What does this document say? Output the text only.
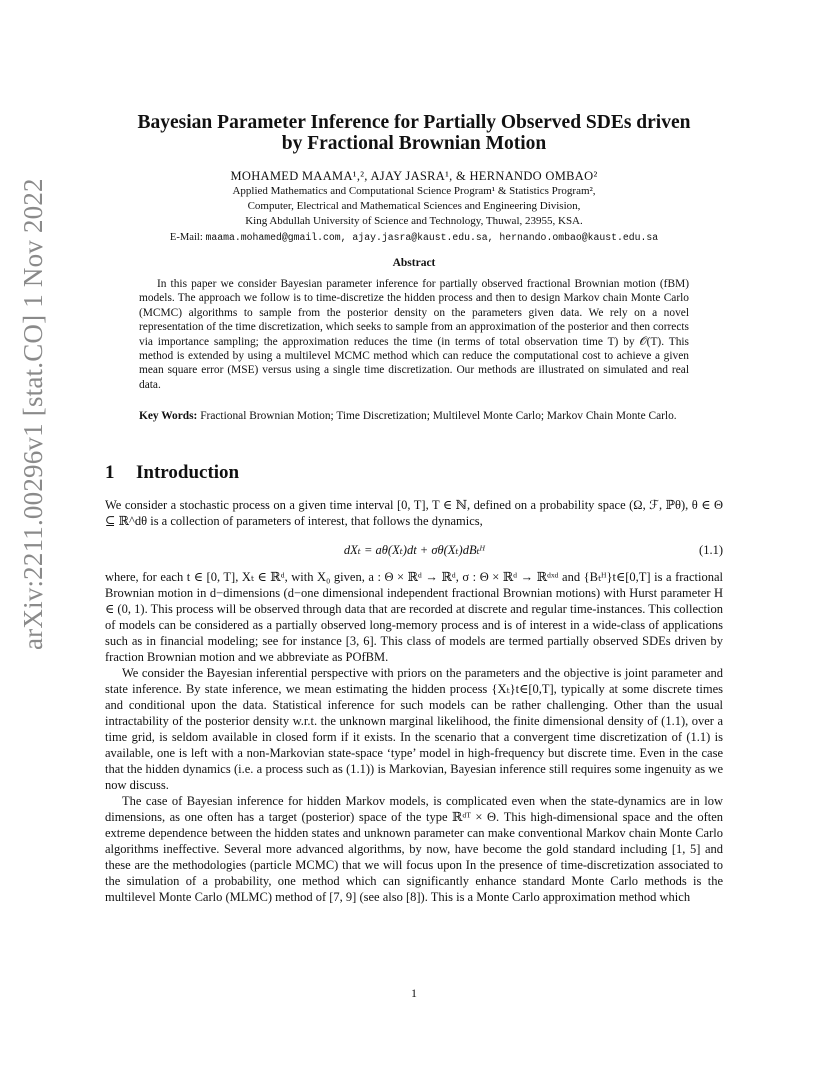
arXiv:2211.00296v1 [stat.CO] 1 Nov 2022
Bayesian Parameter Inference for Partially Observed SDEs driven
by Fractional Brownian Motion
MOHAMED MAAMA¹,², AJAY JASRA¹, & HERNANDO OMBAO²
Applied Mathematics and Computational Science Program¹ & Statistics Program²,
Computer, Electrical and Mathematical Sciences and Engineering Division,
King Abdullah University of Science and Technology, Thuwal, 23955, KSA.
E-Mail: maama.mohamed@gmail.com, ajay.jasra@kaust.edu.sa, hernando.ombao@kaust.edu.sa
Abstract
In this paper we consider Bayesian parameter inference for partially observed fractional Brownian motion (fBM) models. The approach we follow is to time-discretize the hidden process and then to design Markov chain Monte Carlo (MCMC) algorithms to sample from the posterior density on the parameters given data. We rely on a novel representation of the time discretization, which seeks to sample from an approximation of the posterior and then corrects via importance sampling; the approximation reduces the time (in terms of total observation time T) by 𝒪(T). This method is extended by using a multilevel MCMC method which can reduce the computational cost to achieve a given mean square error (MSE) versus using a single time discretization. Our methods are illustrated on simulated and real data.
Key Words: Fractional Brownian Motion; Time Discretization; Multilevel Monte Carlo; Markov Chain Monte Carlo.
1 Introduction

We consider a stochastic process on a given time interval [0, T], T ∈ ℕ, defined on a probability space (Ω, ℱ, ℙθ), θ ∈ Θ ⊆ ℝ^dθ is a collection of parameters of interest, that follows the dynamics,

dXₜ = aθ(Xₜ)dt + σθ(Xₜ)dBₜᴴ	(1.1)

where, for each t ∈ [0, T], Xₜ ∈ ℝᵈ, with X₀ given, a : Θ × ℝᵈ → ℝᵈ, σ : Θ × ℝᵈ → ℝᵈˣᵈ and {Bₜᴴ}t∈[0,T] is a fractional Brownian motion in d−dimensions (d−one dimensional independent fractional Brownian motions) with Hurst parameter H ∈ (0, 1). This process will be observed through data that are recorded at discrete and regular time-instances. This collection of models can be considered as a partially observed long-memory process and is of interest in a wide-class of applications such as in financial modeling; see for instance [3, 6]. This class of models are termed partially observed SDEs driven by fraction Brownian motion and we abbreviate as POfBM.

We consider the Bayesian inferential perspective with priors on the parameters and the objective is joint parameter and state inference. By state inference, we mean estimating the hidden process {Xₜ}t∈[0,T], typically at some discrete times and conditional upon the data. Statistical inference for such models can be rather challenging. Other than the usual intractability of the posterior density w.r.t. the unknown marginal likelihood, the finite dimensional density of (1.1), over a time grid, is seldom available in closed form if it exists. In the scenario that a convergent time discretization of (1.1) is available, one is left with a non-Markovian state-space ‘type’ model in high-frequency but discrete time. Even in the case that the hidden dynamics (i.e. a process such as (1.1)) is Markovian, Bayesian inference still requires some ingenuity as we now discuss.

The case of Bayesian inference for hidden Markov models, is complicated even when the state-dynamics are in low dimensions, as one often has a target (posterior) space of the type ℝᵈᵀ × Θ. This high-dimensional space and the often extreme dependence between the hidden states and unknown parameter can make conventional Markov chain Monte Carlo algorithms ineffective. Several more advanced algorithms, by now, have become the gold standard including [1, 5] and these are the methodologies (particle MCMC) that we will focus upon In the presence of time-discretization associated to the simulation of a probability, one method which can significantly enhance standard Monte Carlo methods is the multilevel Monte Carlo (MLMC) method of [7, 9] (see also [8]). This is a Monte Carlo approximation method which

1
